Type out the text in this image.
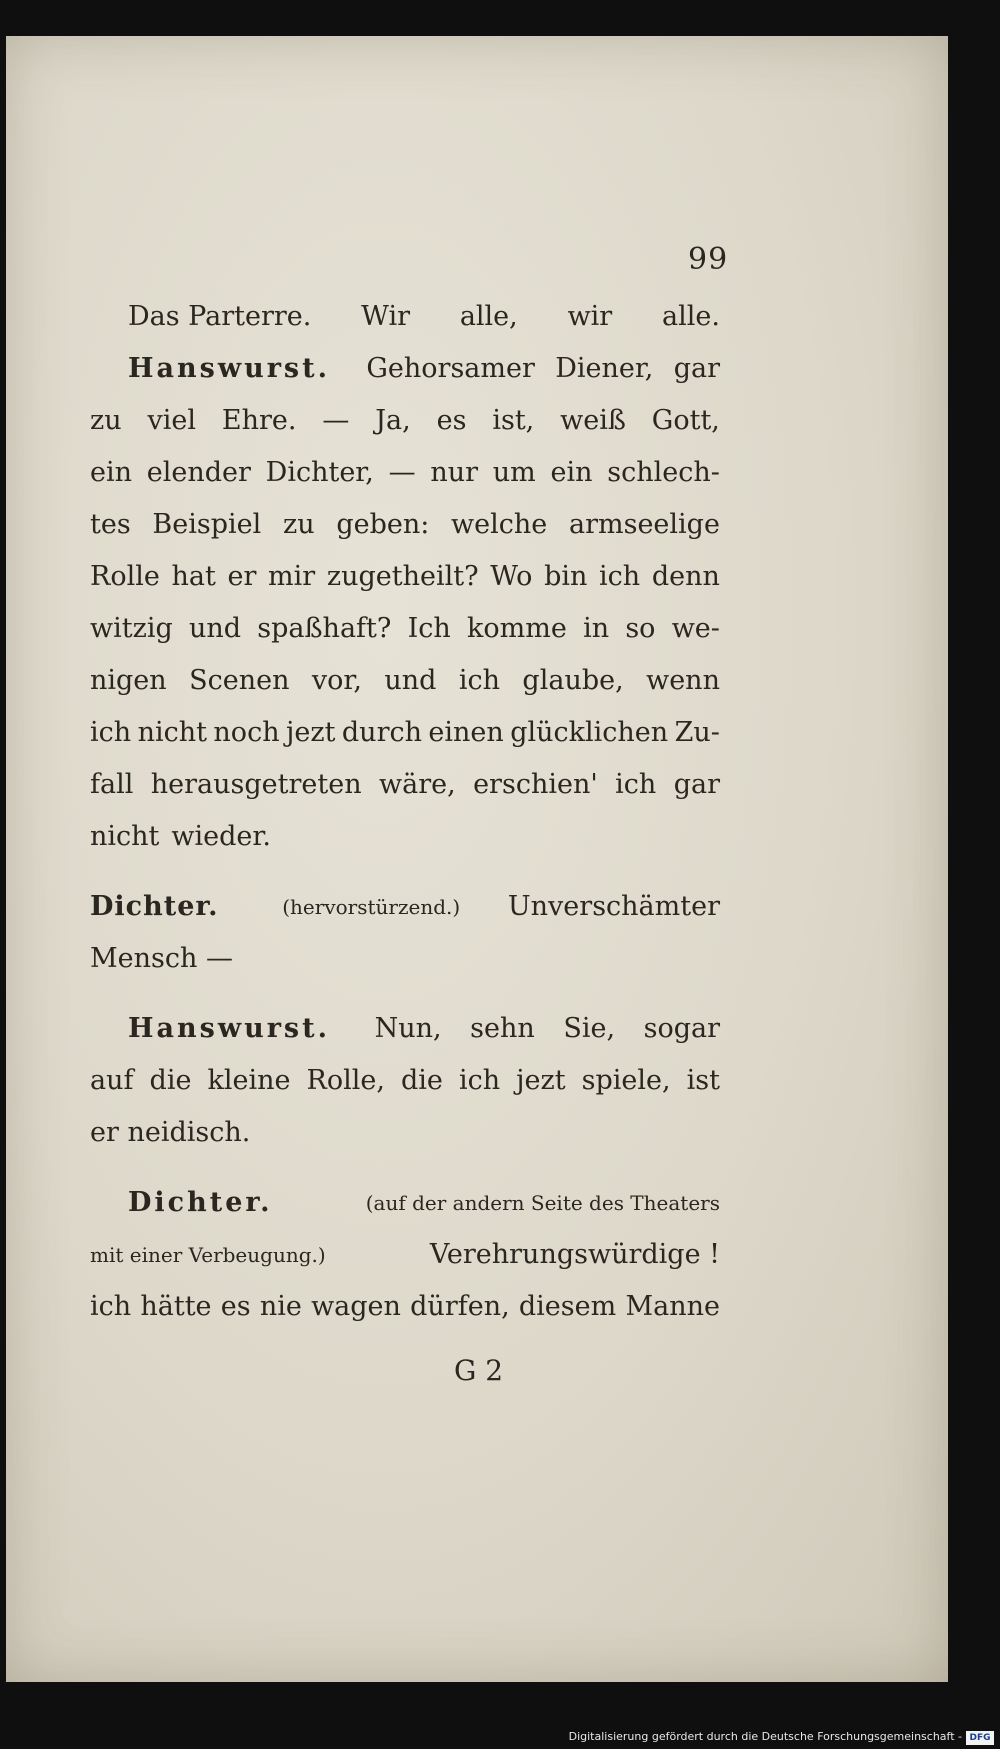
99
Das Parterre. Wir alle, wir alle.
Hanswurst. Gehorsamer Diener, gar
zu viel Ehre. — Ja, es ist, weiß Gott,
ein elender Dichter, — nur um ein schlech-
tes Beispiel zu geben: welche armseelige
Rolle hat er mir zugetheilt? Wo bin ich denn
witzig und spaßhaft? Ich komme in so we-
nigen Scenen vor, und ich glaube, wenn
ich nicht noch jezt durch einen glücklichen Zu-
fall herausgetreten wäre, erschien' ich gar
nicht wieder.
Dichter.	(hervorstürzend.) Unverschämter
Mensch —
Hanswurst. Nun, sehn Sie, sogar
auf die kleine Rolle, die ich jezt spiele, ist
er neidisch.
Dichter.	(auf der andern Seite des Theaters
mit einer Verbeugung.)	Verehrungswürdige !
ich hätte es nie wagen dürfen, diesem Manne
G 2
Digitalisierung gefördert durch die Deutsche Forschungsgemeinschaft - DFG
